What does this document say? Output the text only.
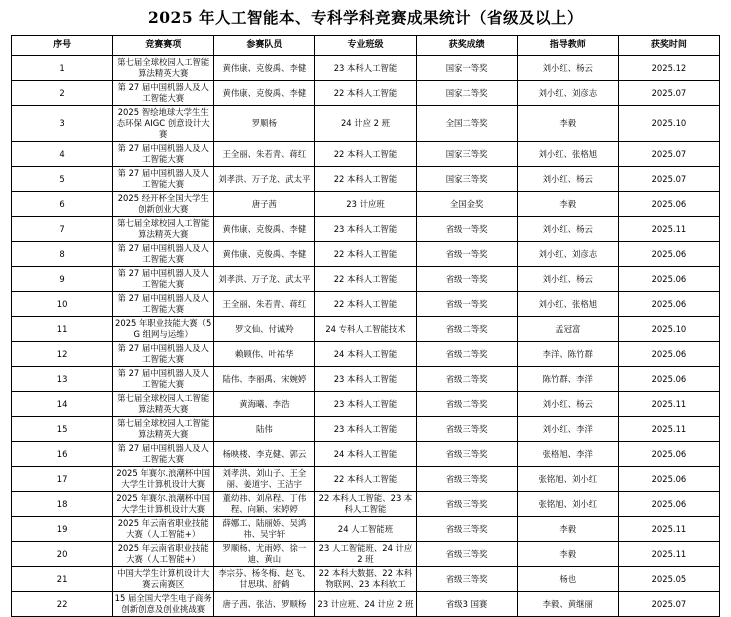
2025 年人工智能本、专科学科竞赛成果统计（省级及以上）
序号	竞赛赛项	参赛队员	专业班级	获奖成绩	指导教师	获奖时间
1	第七届全球校园人工智能算法精英大赛	黄伟康、克俊禹、李健	23 本科人工智能	国家一等奖	刘小红、杨云	2025.12
2	第 27 届中国机器人及人工智能大赛	黄伟康、克俊禹、李健	22 本科人工智能	国家二等奖	刘小红、刘彦志	2025.07
3	2025 智绘地球大学生生态环保 AIGC 创意设计大赛	罗顺杨	24 计应 2 班	全国二等奖	李毅	2025.10
4	第 27 届中国机器人及人工智能大赛	王全丽、朱若青、蒋红	22 本科人工智能	国家三等奖	刘小红、张格旭	2025.07
5	第 27 届中国机器人及人工智能大赛	刘孝洪、万子龙、武太平	22 本科人工智能	国家三等奖	刘小红、杨云	2025.07
6	2025 经开杯全国大学生创新创业大赛	唐子茜	23 计应班	全国金奖	李毅	2025.06
7	第七届全球校园人工智能算法精英大赛	黄伟康、克俊禹、李健	23 本科人工智能	省级一等奖	刘小红、杨云	2025.11
8	第 27 届中国机器人及人工智能大赛	黄伟康、克俊禹、李健	22 本科人工智能	省级一等奖	刘小红、刘彦志	2025.06
9	第 27 届中国机器人及人工智能大赛	刘孝洪、万子龙、武太平	22 本科人工智能	省级一等奖	刘小红、杨云	2025.06
10	第 27 届中国机器人及人工智能大赛	王全丽、朱若青、蒋红	22 本科人工智能	省级一等奖	刘小红、张格旭	2025.06
11	2025 年职业技能大赛（5G 组网与运维）	罗文仙、付诚羚	24 专科人工智能技术	省级二等奖	孟冠富	2025.10
12	第 27 届中国机器人及人工智能大赛	赖顾伟、叶祐华	24 本科人工智能	省级二等奖	李洋、陈竹群	2025.06
13	第 27 届中国机器人及人工智能大赛	陆伟、李丽禹、宋婉婷	23 本科人工智能	省级二等奖	陈竹群、李洋	2025.06
14	第七届全球校园人工智能算法精英大赛	黄海曦、李浩	23 本科人工智能	省级二等奖	刘小红、杨云	2025.11
15	第七届全球校园人工智能算法精英大赛	陆伟	23 本科人工智能	省级三等奖	刘小红、李洋	2025.11
16	第 27 届中国机器人及人工智能大赛	杨映楼、李克健、郭云	24 本科人工智能	省级三等奖	张格旭、李洋	2025.06
17	2025 年赛尔.浪潮杯中国大学生计算机设计大赛	刘孝洪、刘山子、王全丽、姜道宇、王洁宇	22 本科人工智能	省级三等奖	张铭旭、刘小红	2025.06
18	2025 年赛尔.浪潮杯中国大学生计算机设计大赛	董幼祎、刘帛程、丁伟程、向颖、宋婷婷	22 本科人工智能、23 本科人工智能	省级三等奖	张铭旭、刘小红	2025.06
19	2025 年云南省职业技能大赛（人工智能+）	薛娜工、陆丽娇、吴鸿祎、吴宇轩	24 人工智能班	省级三等奖	李毅	2025.11
20	2025 年云南省职业技能大赛（人工智能+）	罗顺杨、尤雨婷、徐一迪、黄山	23 人工智能班、24 计应 2 班	省级三等奖	李毅	2025.11
21	中国大学生计算机设计大赛云南赛区	李宗芬、杨冬梅、赵飞、甘思琪、舒鹤	22 本科大数据、22 本科物联网、23 本科软工	省级三等奖	杨也	2025.05
22	15 届全国大学生电子商务创新创意及创业挑战赛	唐子茜、张洁、罗顺杨	23 计应班、24 计应 2 班	省级3 国赛	李毅、黄继丽	2025.07
